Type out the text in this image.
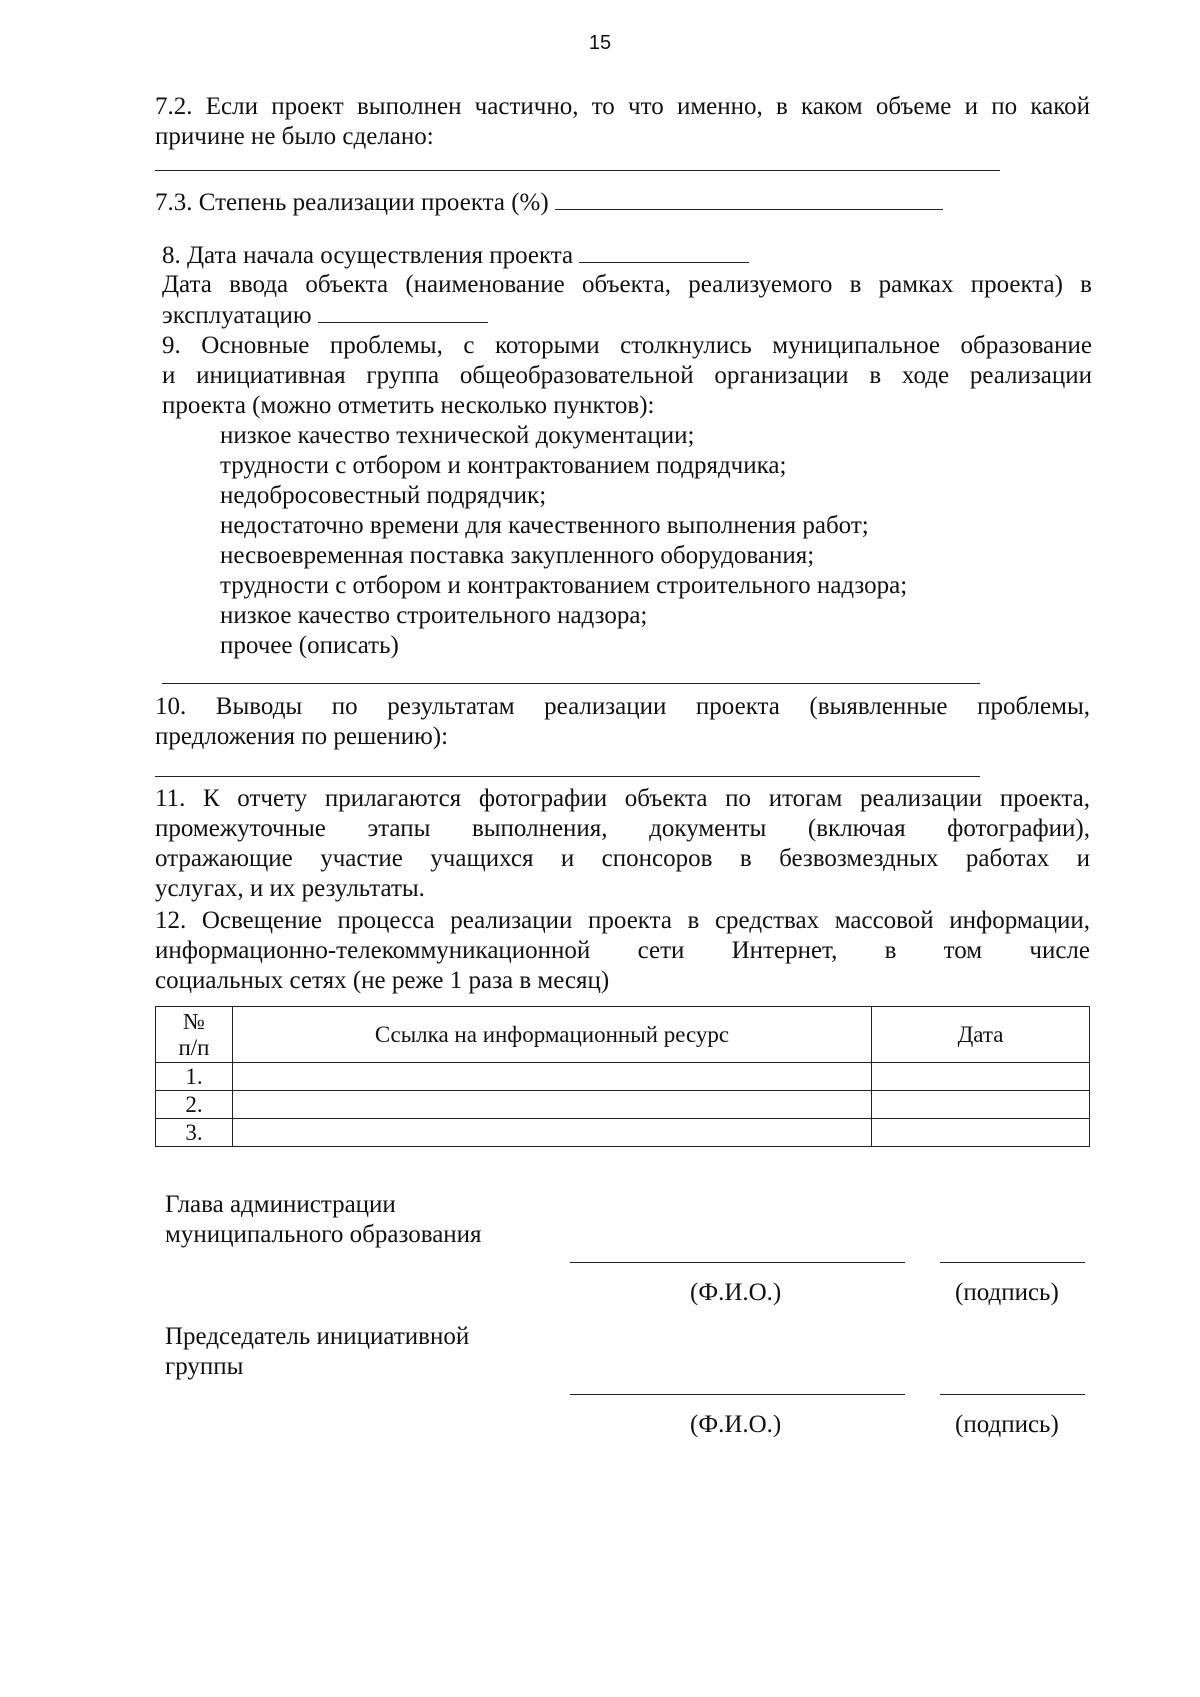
15
7.2. Если проект выполнен частично, то что именно, в каком объеме и по какой
причине не было сделано:
7.3. Степень реализации проекта (%)
8. Дата начала осуществления проекта
Дата ввода объекта (наименование объекта, реализуемого в рамках проекта) в
эксплуатацию
9. Основные проблемы, с которыми столкнулись муниципальное образование
и инициативная группа общеобразовательной организации в ходе реализации
проекта (можно отметить несколько пунктов):
низкое качество технической документации;
трудности с отбором и контрактованием подрядчика;
недобросовестный подрядчик;
недостаточно времени для качественного выполнения работ;
несвоевременная поставка закупленного оборудования;
трудности с отбором и контрактованием строительного надзора;
низкое качество строительного надзора;
прочее (описать)
10. Выводы по результатам реализации проекта (выявленные проблемы,
предложения по решению):
11. К отчету прилагаются фотографии объекта по итогам реализации проекта,
промежуточные этапы выполнения, документы (включая фотографии),
отражающие участие учащихся и спонсоров в безвозмездных работах и
услугах, и их результаты.
12. Освещение процесса реализации проекта в средствах массовой информации,
информационно-телекоммуникационной сети Интернет, в том числе
социальных сетях (не реже 1 раза в месяц)
№
п/п	Ссылка на информационный ресурс	Дата
1.		
2.		
3.		
Глава администрации
муниципального образования
(Ф.И.О.)	(подпись)
Председатель инициативной
группы
(Ф.И.О.)	(подпись)
